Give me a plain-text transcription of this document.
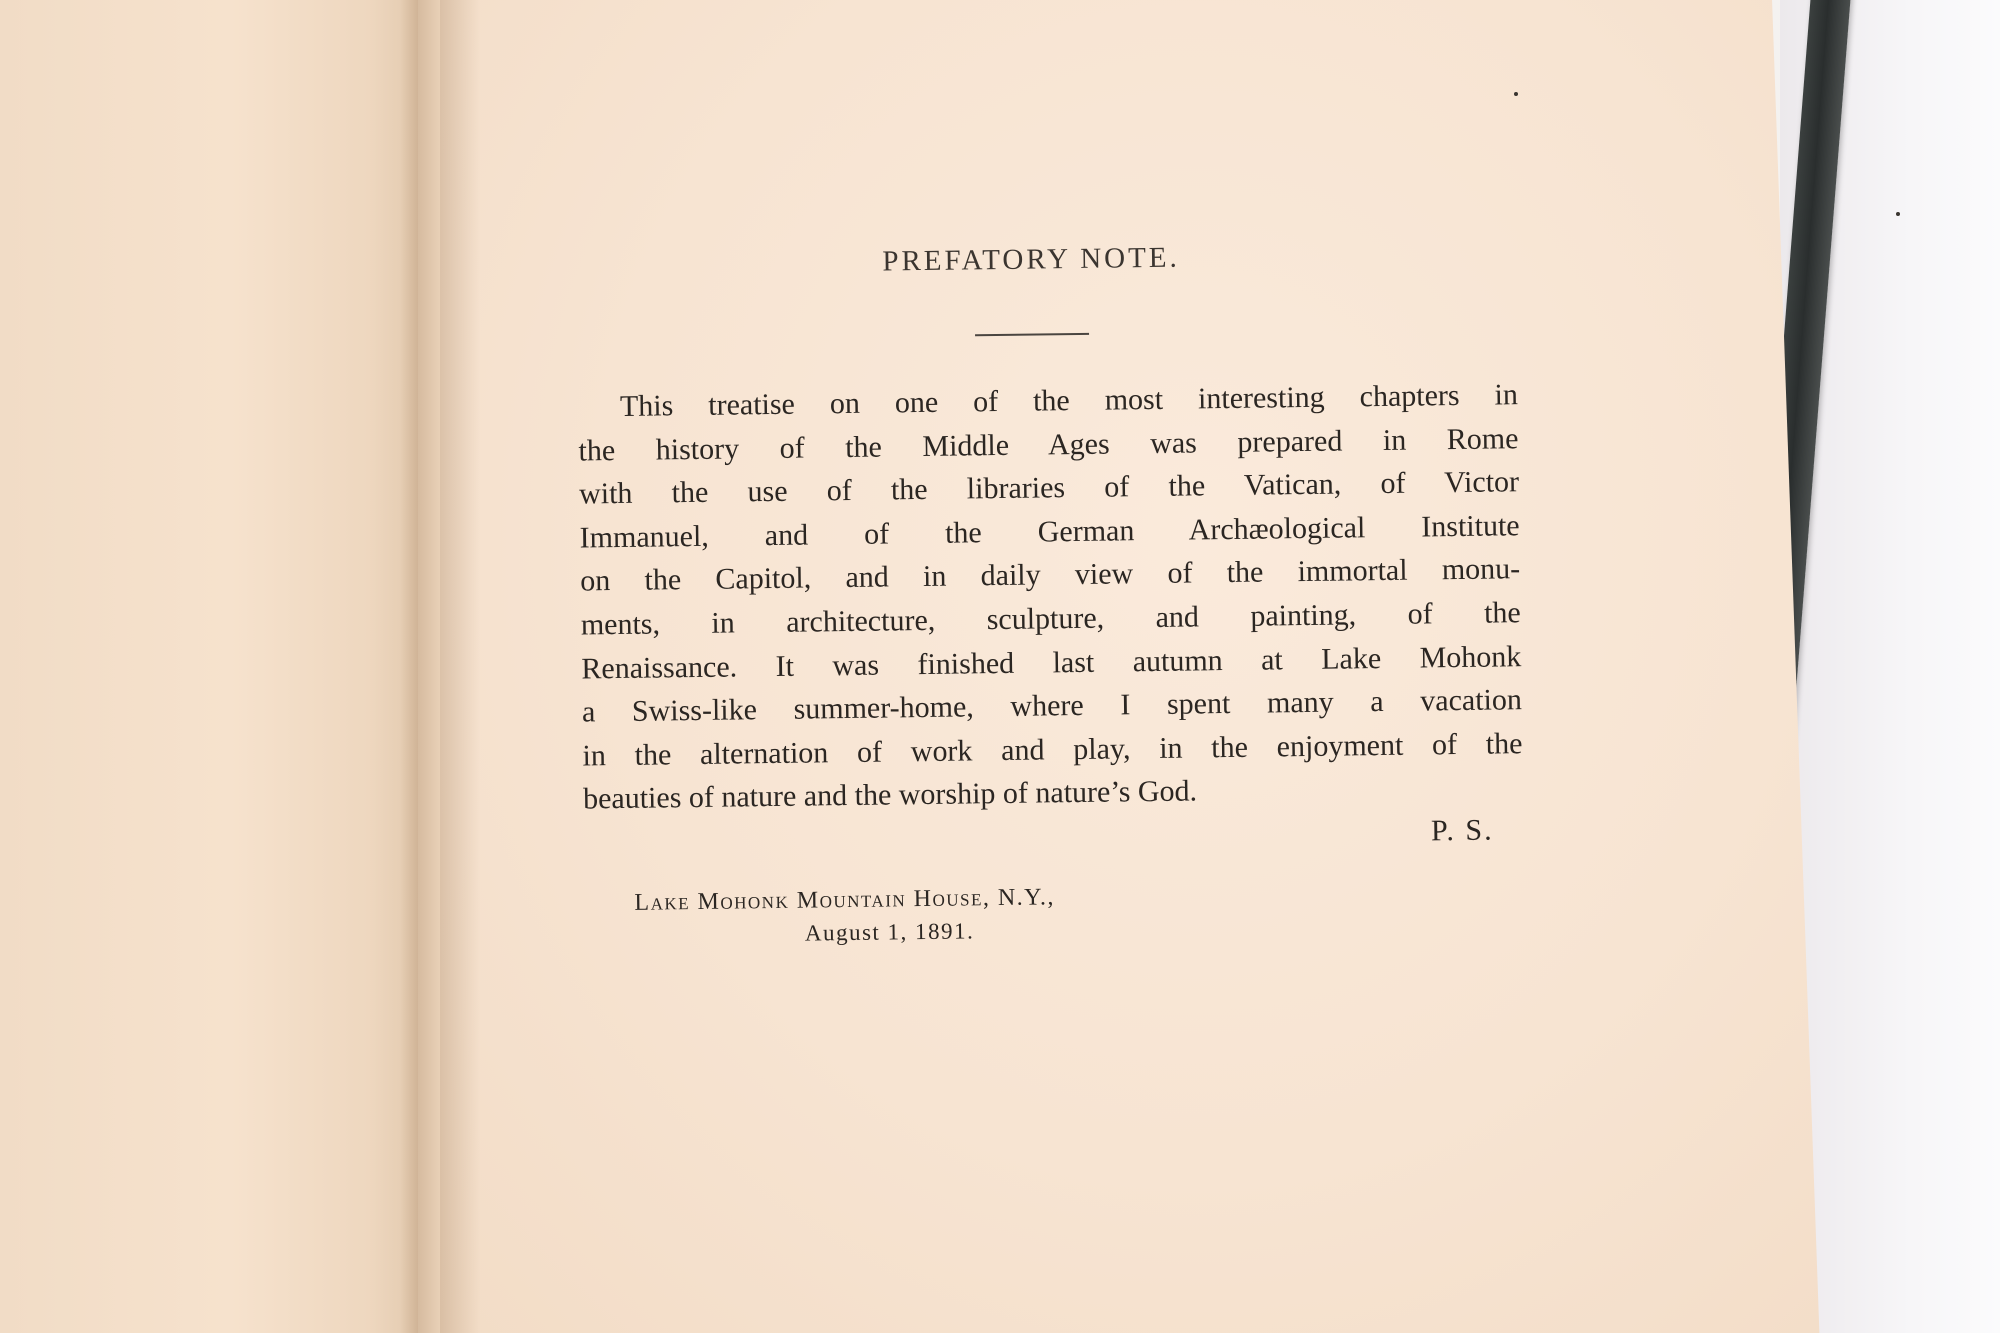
PREFATORY NOTE.
This treatise on one of the most interesting chapters in
the history of the Middle Ages was prepared in Rome
with the use of the libraries of the Vatican, of Victor
Immanuel, and of the German Archæological Institute
on the Capitol, and in daily view of the immortal monu-
ments, in architecture, sculpture, and painting, of the
Renaissance. It was finished last autumn at Lake Mohonk
a Swiss-like summer-home, where I spent many a vacation
in the alternation of work and play, in the enjoyment of the
beauties of nature and the worship of nature’s God.
P. S.
Lake Mohonk Mountain House, N.Y.,
August 1, 1891.
